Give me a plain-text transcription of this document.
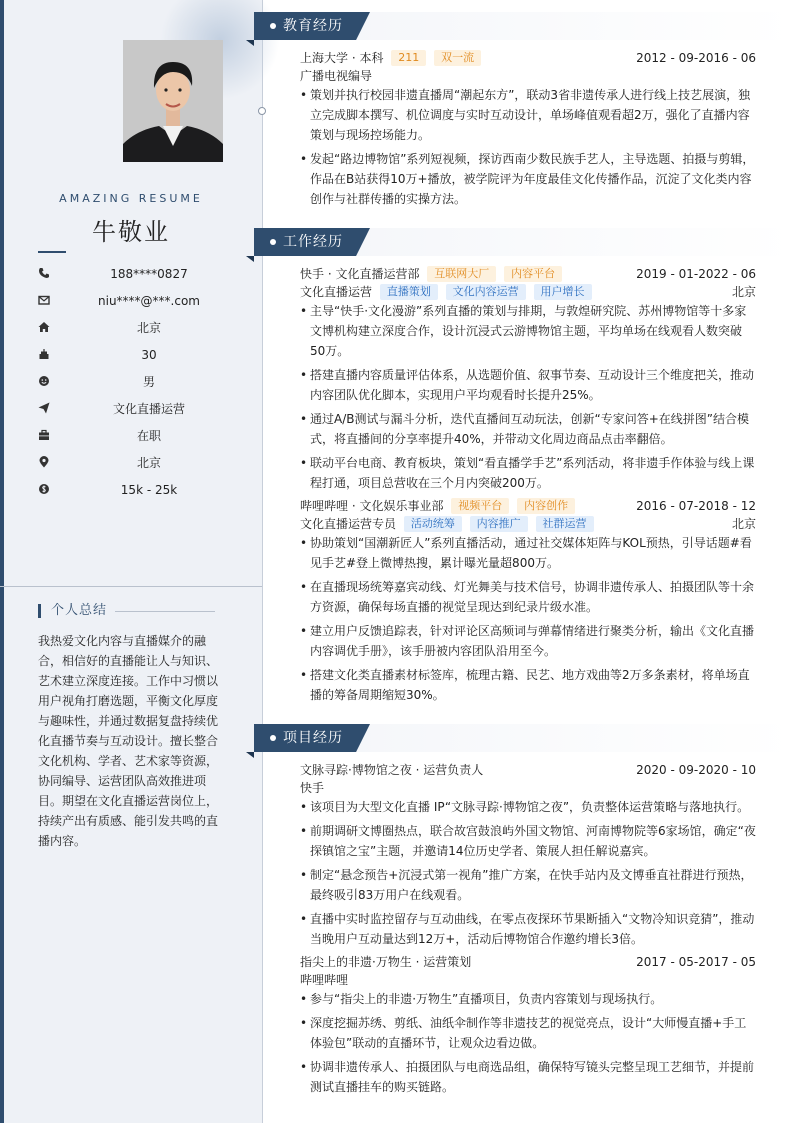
AMAZING RESUME
牛敬业
188****0827
niu****@***.com
北京
30
男
文化直播运营
在职
北京
15k - 25k
个人总结

我热爱文化内容与直播媒介的融合，相信好的直播能让人与知识、艺术建立深度连接。工作中习惯以用户视角打磨选题，平衡文化厚度与趣味性，并通过数据复盘持续优化直播节奏与互动设计。擅长整合文化机构、学者、艺术家等资源，协同编导、运营团队高效推进项目。期望在文化直播运营岗位上，持续产出有质感、能引发共鸣的直播内容。

教育经历
上海大学 · 本科 211 双一流	2012 - 09-2016 - 06
广播电视编导
• 策划并执行校园非遗直播周“潮起东方”，联动3省非遗传承人进行线上技艺展演，独立完成脚本撰写、机位调度与实时互动设计，单场峰值观看超2万，强化了直播内容策划与现场控场能力。
• 发起“路边博物馆”系列短视频，探访西南少数民族手艺人，主导选题、拍摄与剪辑，作品在B站获得10万+播放，被学院评为年度最佳文化传播作品，沉淀了文化类内容创作与社群传播的实操方法。
工作经历
快手 · 文化直播运营部 互联网大厂 内容平台	2019 - 01-2022 - 06
文化直播运营 直播策划 文化内容运营 用户增长	北京
• 主导“快手·文化漫游”系列直播的策划与排期，与敦煌研究院、苏州博物馆等十多家文博机构建立深度合作，设计沉浸式云游博物馆主题，平均单场在线观看人数突破50万。
• 搭建直播内容质量评估体系，从选题价值、叙事节奏、互动设计三个维度把关，推动内容团队优化脚本，实现用户平均观看时长提升25%。
• 通过A/B测试与漏斗分析，迭代直播间互动玩法，创新“专家问答+在线拼图”结合模式，将直播间的分享率提升40%，并带动文化周边商品点击率翻倍。
• 联动平台电商、教育板块，策划“看直播学手艺”系列活动，将非遗手作体验与线上课程打通，项目总营收在三个月内突破200万。
哔哩哔哩 · 文化娱乐事业部 视频平台 内容创作	2016 - 07-2018 - 12
文化直播运营专员 活动统筹 内容推广 社群运营	北京
• 协助策划“国潮新匠人”系列直播活动，通过社交媒体矩阵与KOL预热，引导话题#看见手艺#登上微博热搜，累计曝光量超800万。
• 在直播现场统筹嘉宾动线、灯光舞美与技术信号，协调非遗传承人、拍摄团队等十余方资源，确保每场直播的视觉呈现达到纪录片级水准。
• 建立用户反馈追踪表，针对评论区高频词与弹幕情绪进行聚类分析，输出《文化直播内容调优手册》，该手册被内容团队沿用至今。
• 搭建文化类直播素材标签库，梳理古籍、民艺、地方戏曲等2万多条素材，将单场直播的筹备周期缩短30%。
项目经历
文脉寻踪·博物馆之夜 · 运营负责人	2020 - 09-2020 - 10
快手
• 该项目为大型文化直播 IP“文脉寻踪·博物馆之夜”，负责整体运营策略与落地执行。
• 前期调研文博圈热点，联合故宫鼓浪屿外国文物馆、河南博物院等6家场馆，确定“夜探镇馆之宝”主题，并邀请14位历史学者、策展人担任解说嘉宾。
• 制定“悬念预告+沉浸式第一视角”推广方案，在快手站内及文博垂直社群进行预热，最终吸引83万用户在线观看。
• 直播中实时监控留存与互动曲线，在零点夜探环节果断插入“文物冷知识竞猜”，推动当晚用户互动量达到12万+，活动后博物馆合作邀约增长3倍。
指尖上的非遗·万物生 · 运营策划	2017 - 05-2017 - 05
哔哩哔哩
• 参与“指尖上的非遗·万物生”直播项目，负责内容策划与现场执行。
• 深度挖掘苏绣、剪纸、油纸伞制作等非遗技艺的视觉亮点，设计“大师慢直播+手工体验包”联动的直播环节，让观众边看边做。
• 协调非遗传承人、拍摄团队与电商选品组，确保特写镜头完整呈现工艺细节，并提前测试直播挂车的购买链路。
